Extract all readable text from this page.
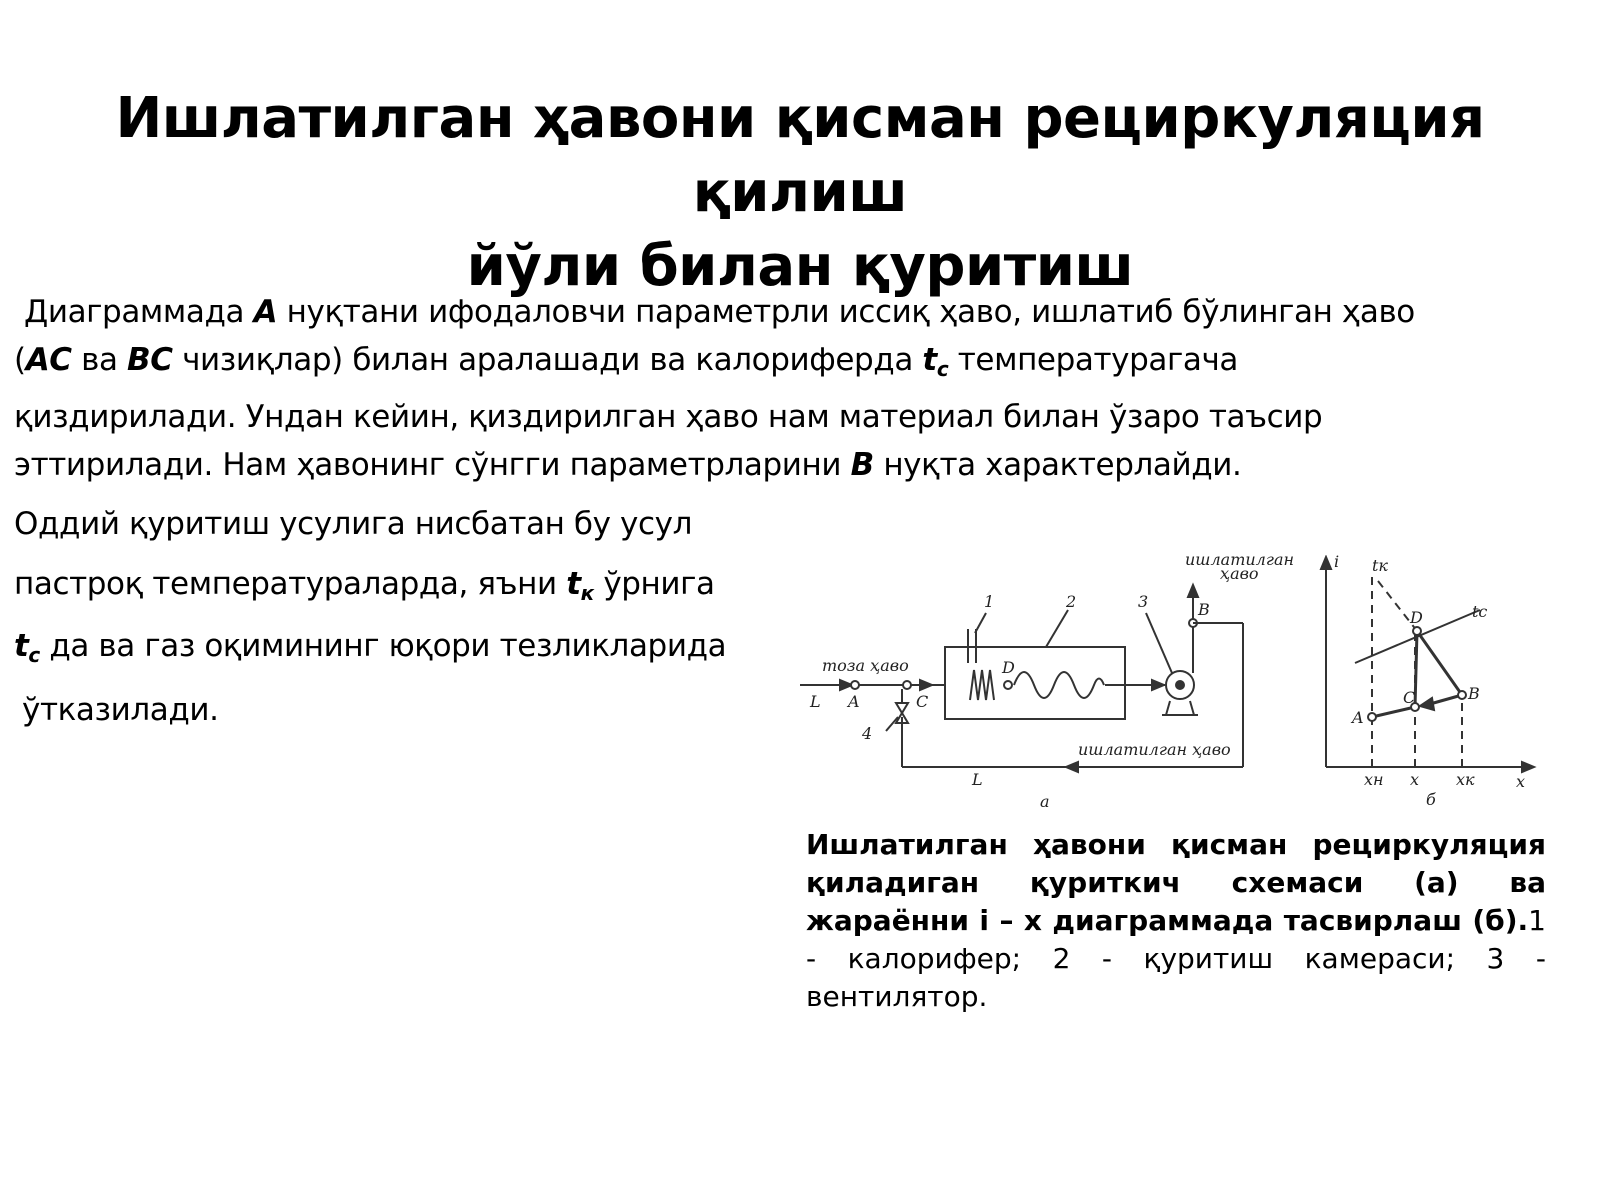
Ишлатилган ҳавони қисман рециркуляция қилиш
йўли билан қуритиш
Диаграммада А нуқтани ифодаловчи параметрли иссиқ ҳаво, ишлатиб бўлинган ҳаво
(АС ва ВС чизиқлар) билан аралашади ва калориферда $t_c$ температурагача
қиздирилади. Ундан кейин, қиздирилган ҳаво нам материал билан ўзаро таъсир
эттирилади. Нам ҳавонинг сўнгги параметрларини В нуқта характерлайди.
Оддий қуритиш усулига нисбатан бу усул
пастроқ температураларда, яъни $t_к$ ўрнига
$t_c$ да ва газ оқимининг юқори тезликларида
ўтказилади.
ишлатилган
ҳаво
тоза ҳаво
ишлатилган ҳаво
1	2	3
4
L A	C
D
B
L
а
i
x
tк
tс
D
C
A
B
xн x xк
б
Ишлатилган ҳавони қисман рециркуляция қиладиган қуриткич схемаси (а) ва жараённи i – x диаграммада тасвирлаш (б).1 - калорифер; 2 - қуритиш камераси; 3 - вентилятор.
